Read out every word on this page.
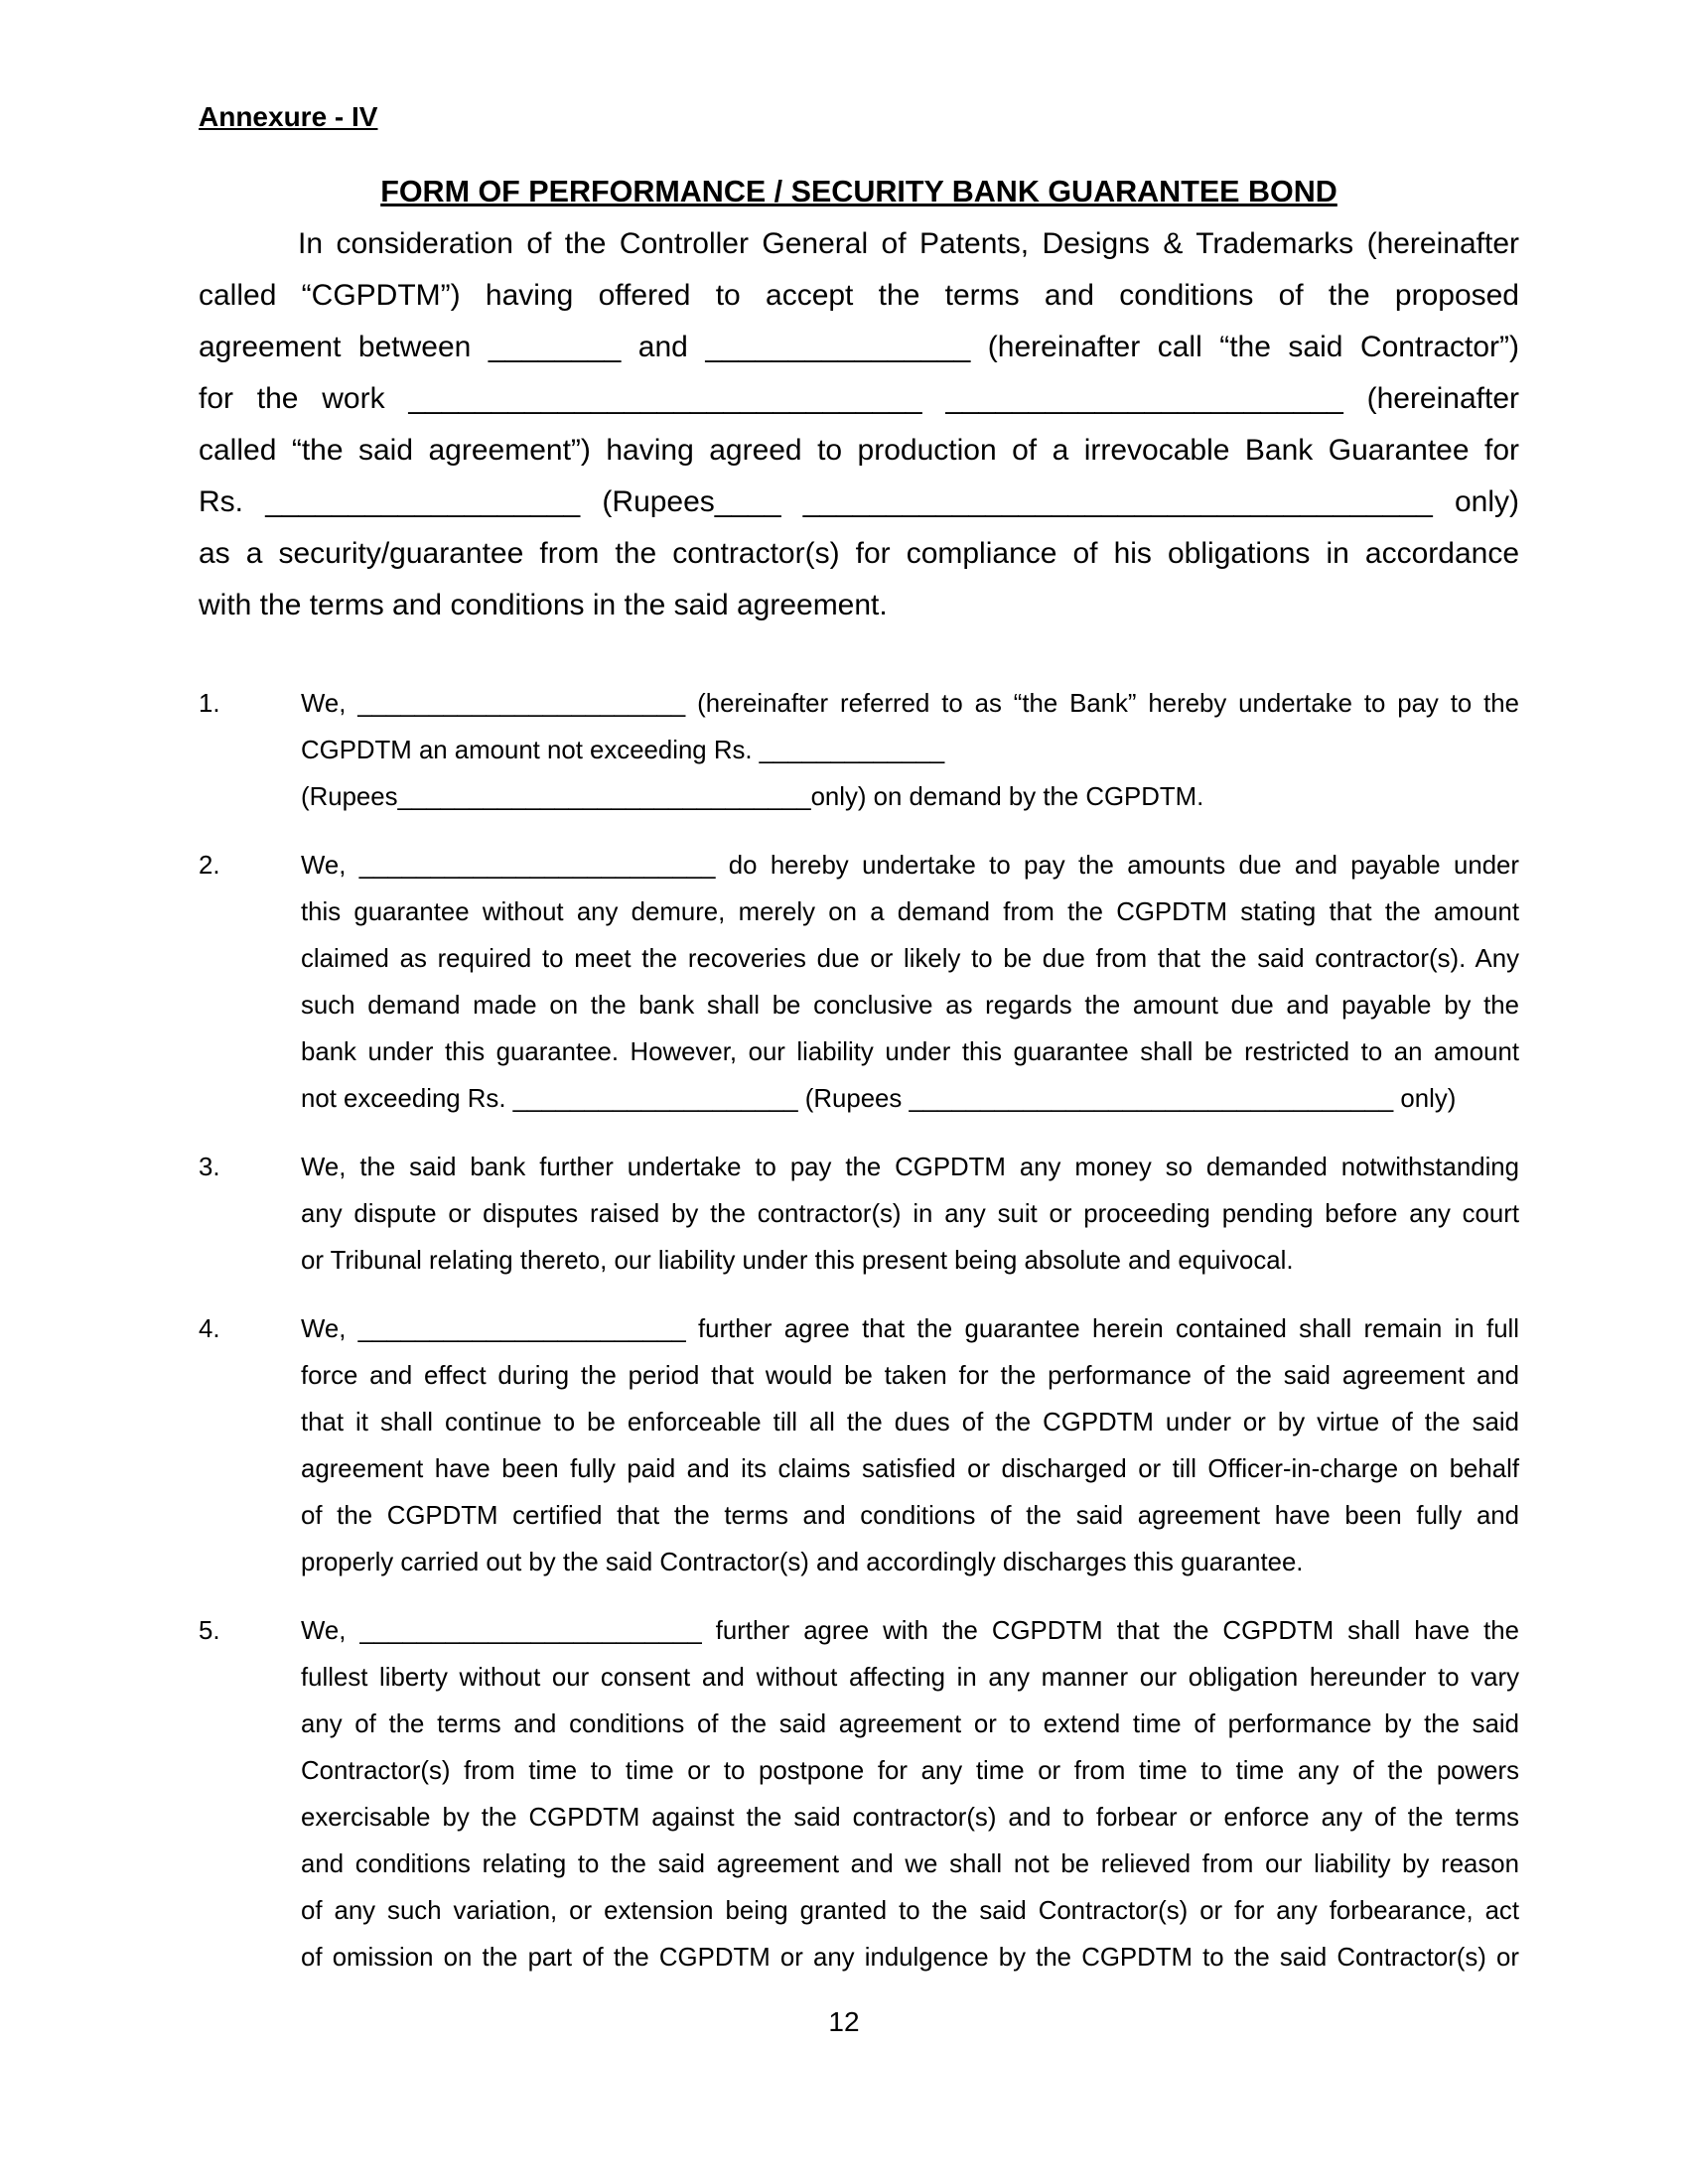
Annexure - IV
FORM OF PERFORMANCE / SECURITY BANK GUARANTEE BOND
In consideration of the Controller General of Patents, Designs & Trademarks (hereinafter
called “CGPDTM”) having offered to accept the terms and conditions of the proposed
agreement between ________ and ________________ (hereinafter call “the said Contractor”)
for the work _______________________________ ________________________ (hereinafter
called “the said agreement”) having agreed to production of a irrevocable Bank Guarantee for
Rs. ___________________ (Rupees____ ______________________________________ only)
as a security/guarantee from the contractor(s) for compliance of his obligations in accordance
with the terms and conditions in the said agreement.
1.	We, _______________________ (hereinafter referred to as “the Bank” hereby undertake to pay to the
CGPDTM an amount not exceeding Rs. _____________
(Rupees_____________________________only) on demand by the CGPDTM.
2.	We, _________________________ do hereby undertake to pay the amounts due and payable under
this guarantee without any demure, merely on a demand from the CGPDTM stating that the amount
claimed as required to meet the recoveries due or likely to be due from that the said contractor(s). Any
such demand made on the bank shall be conclusive as regards the amount due and payable by the
bank under this guarantee. However, our liability under this guarantee shall be restricted to an amount
not exceeding Rs. ____________________ (Rupees __________________________________ only)
3.	We, the said bank further undertake to pay the CGPDTM any money so demanded notwithstanding
any dispute or disputes raised by the contractor(s) in any suit or proceeding pending before any court
or Tribunal relating thereto, our liability under this present being absolute and equivocal.
4.	We, _______________________ further agree that the guarantee herein contained shall remain in full
force and effect during the period that would be taken for the performance of the said agreement and
that it shall continue to be enforceable till all the dues of the CGPDTM under or by virtue of the said
agreement have been fully paid and its claims satisfied or discharged or till Officer-in-charge on behalf
of the CGPDTM certified that the terms and conditions of the said agreement have been fully and
properly carried out by the said Contractor(s) and accordingly discharges this guarantee.
5.	We, ________________________ further agree with the CGPDTM that the CGPDTM shall have the
fullest liberty without our consent and without affecting in any manner our obligation hereunder to vary
any of the terms and conditions of the said agreement or to extend time of performance by the said
Contractor(s) from time to time or to postpone for any time or from time to time any of the powers
exercisable by the CGPDTM against the said contractor(s) and to forbear or enforce any of the terms
and conditions relating to the said agreement and we shall not be relieved from our liability by reason
of any such variation, or extension being granted to the said Contractor(s) or for any forbearance, act
of omission on the part of the CGPDTM or any indulgence by the CGPDTM to the said Contractor(s) or
12
